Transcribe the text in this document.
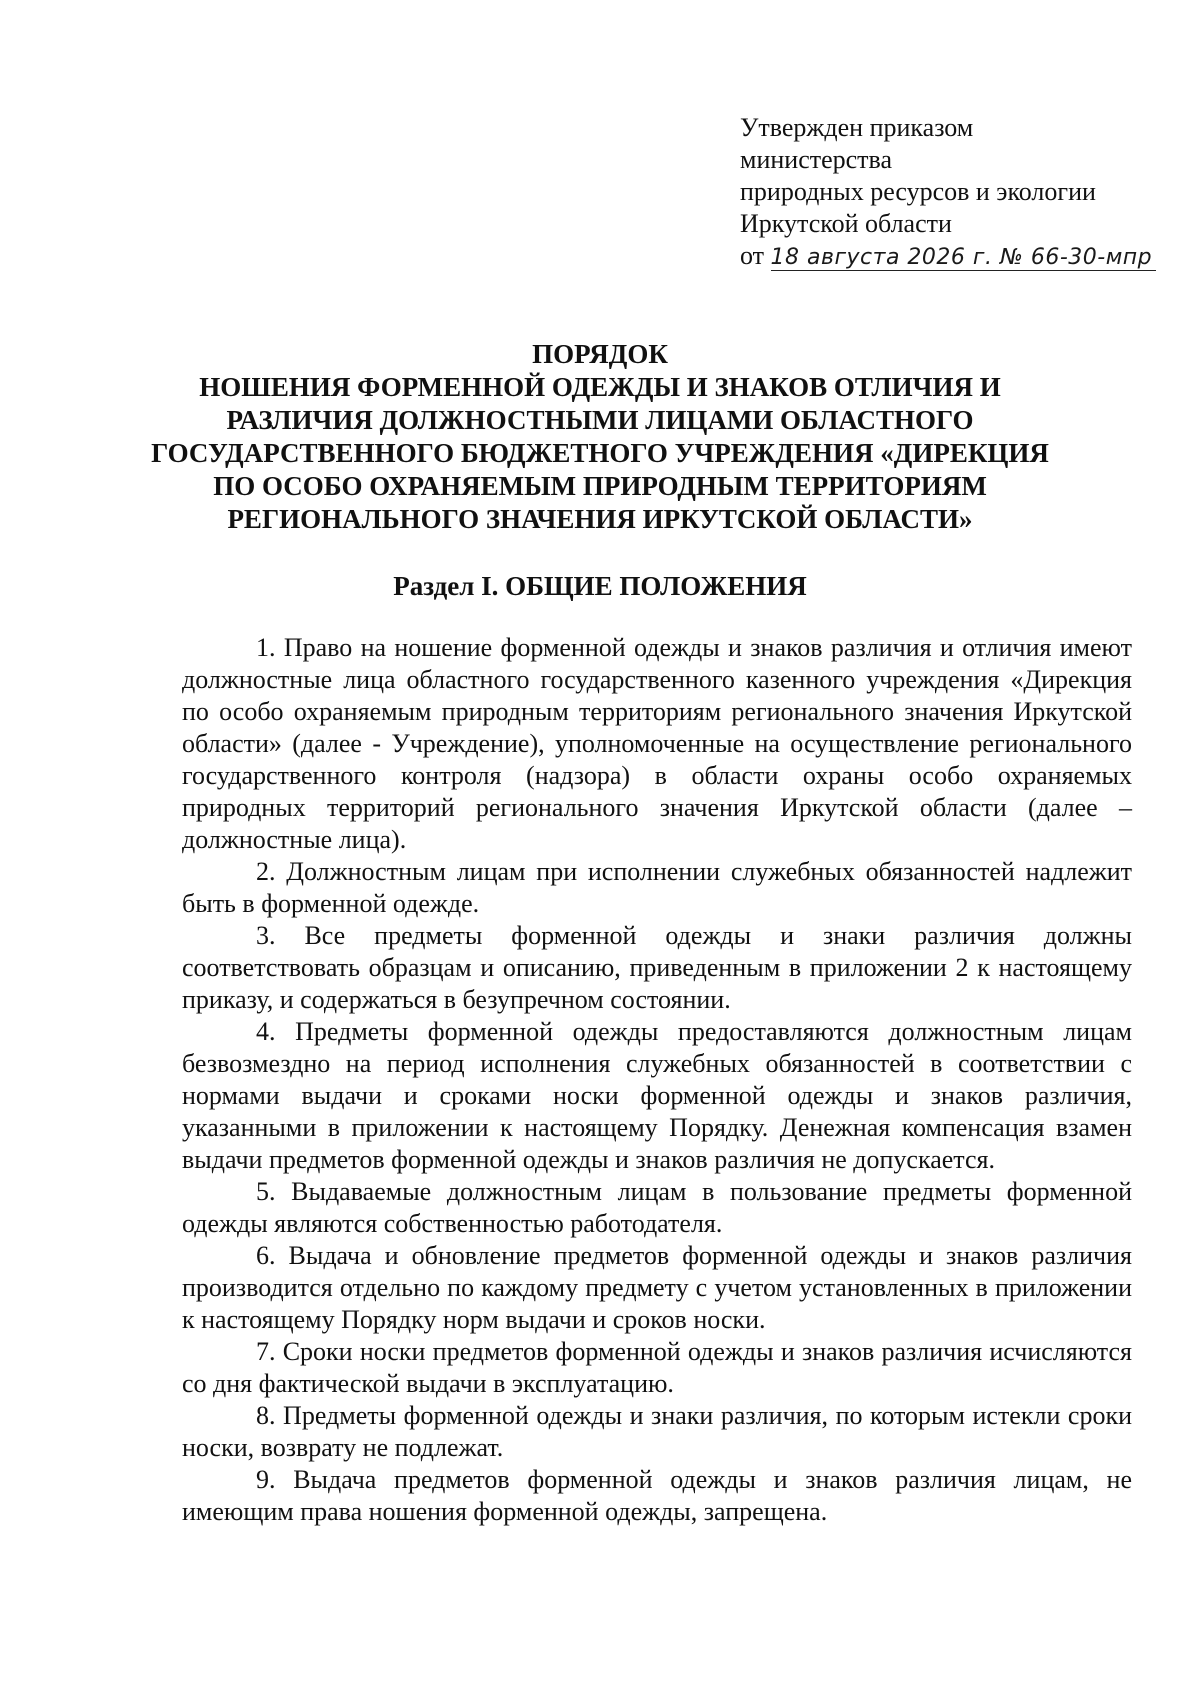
Утвержден приказом
министерства
природных ресурсов и экологии
Иркутской области
от 18 августа 2026 г. № 66-30-мпр
ПОРЯДОК
НОШЕНИЯ ФОРМЕННОЙ ОДЕЖДЫ И ЗНАКОВ ОТЛИЧИЯ И
РАЗЛИЧИЯ ДОЛЖНОСТНЫМИ ЛИЦАМИ ОБЛАСТНОГО
ГОСУДАРСТВЕННОГО БЮДЖЕТНОГО УЧРЕЖДЕНИЯ «ДИРЕКЦИЯ
ПО ОСОБО ОХРАНЯЕМЫМ ПРИРОДНЫМ ТЕРРИТОРИЯМ
РЕГИОНАЛЬНОГО ЗНАЧЕНИЯ ИРКУТСКОЙ ОБЛАСТИ»
Раздел I. ОБЩИЕ ПОЛОЖЕНИЯ

1. Право на ношение форменной одежды и знаков различия и отличия имеют должностные лица областного государственного казенного учреждения «Дирекция по особо охраняемым природным территориям регионального значения Иркутской области» (далее - Учреждение), уполномоченные на осуществление регионального государственного контроля (надзора) в области охраны особо охраняемых природных территорий регионального значения Иркутской области (далее – должностные лица).

2. Должностным лицам при исполнении служебных обязанностей надлежит быть в форменной одежде.

3. Все предметы форменной одежды и знаки различия должны соответствовать образцам и описанию, приведенным в приложении 2 к настоящему приказу, и содержаться в безупречном состоянии.

4. Предметы форменной одежды предоставляются должностным лицам безвозмездно на период исполнения служебных обязанностей в соответствии с нормами выдачи и сроками носки форменной одежды и знаков различия, указанными в приложении к настоящему Порядку. Денежная компенсация взамен выдачи предметов форменной одежды и знаков различия не допускается.

5. Выдаваемые должностным лицам в пользование предметы форменной одежды являются собственностью работодателя.

6. Выдача и обновление предметов форменной одежды и знаков различия производится отдельно по каждому предмету с учетом установленных в приложении к настоящему Порядку норм выдачи и сроков носки.

7. Сроки носки предметов форменной одежды и знаков различия исчисляются со дня фактической выдачи в эксплуатацию.

8. Предметы форменной одежды и знаки различия, по которым истекли сроки носки, возврату не подлежат.

9. Выдача предметов форменной одежды и знаков различия лицам, не имеющим права ношения форменной одежды, запрещена.
